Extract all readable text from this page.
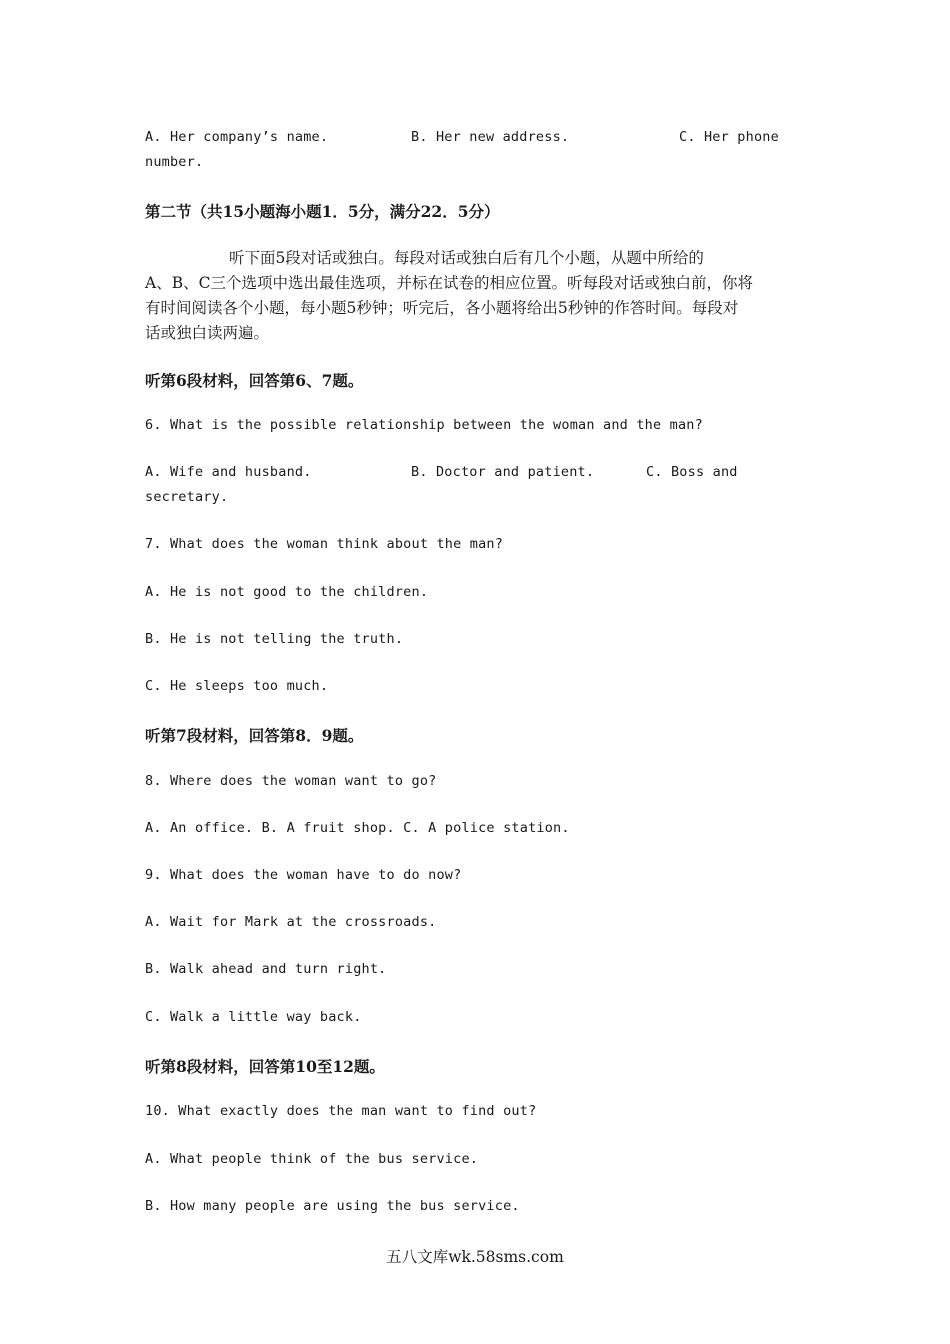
A. Her company’s name.	B. Her new address.	C. Her phone
number.
第二节（共15小题海小题1．5分，满分22．5分）
听下面5段对话或独白。每段对话或独白后有几个小题，从题中所给的
A、B、C三个选项中选出最佳选项，并标在试卷的相应位置。听每段对话或独白前，你将
有时间阅读各个小题，每小题5秒钟；听完后，各小题将给出5秒钟的作答时间。每段对
话或独白读两遍。
听第6段材料，回答第6、7题。
6. What is the possible relationship between the woman and the man?
A. Wife and husband.	B. Doctor and patient.	C. Boss and
secretary.
7. What does the woman think about the man?
A. He is not good to the children.
B. He is not telling the truth.
C. He sleeps too much.
听第7段材料，回答第8．9题。
8. Where does the woman want to go?
A. An office. B. A fruit shop. C. A police station.
9. What does the woman have to do now?
A. Wait for Mark at the crossroads.
B. Walk ahead and turn right.
C. Walk a little way back.
听第8段材料，回答第10至12题。
10. What exactly does the man want to find out?
A. What people think of the bus service.
B. How many people are using the bus service.
五八文库wk.58sms.com
